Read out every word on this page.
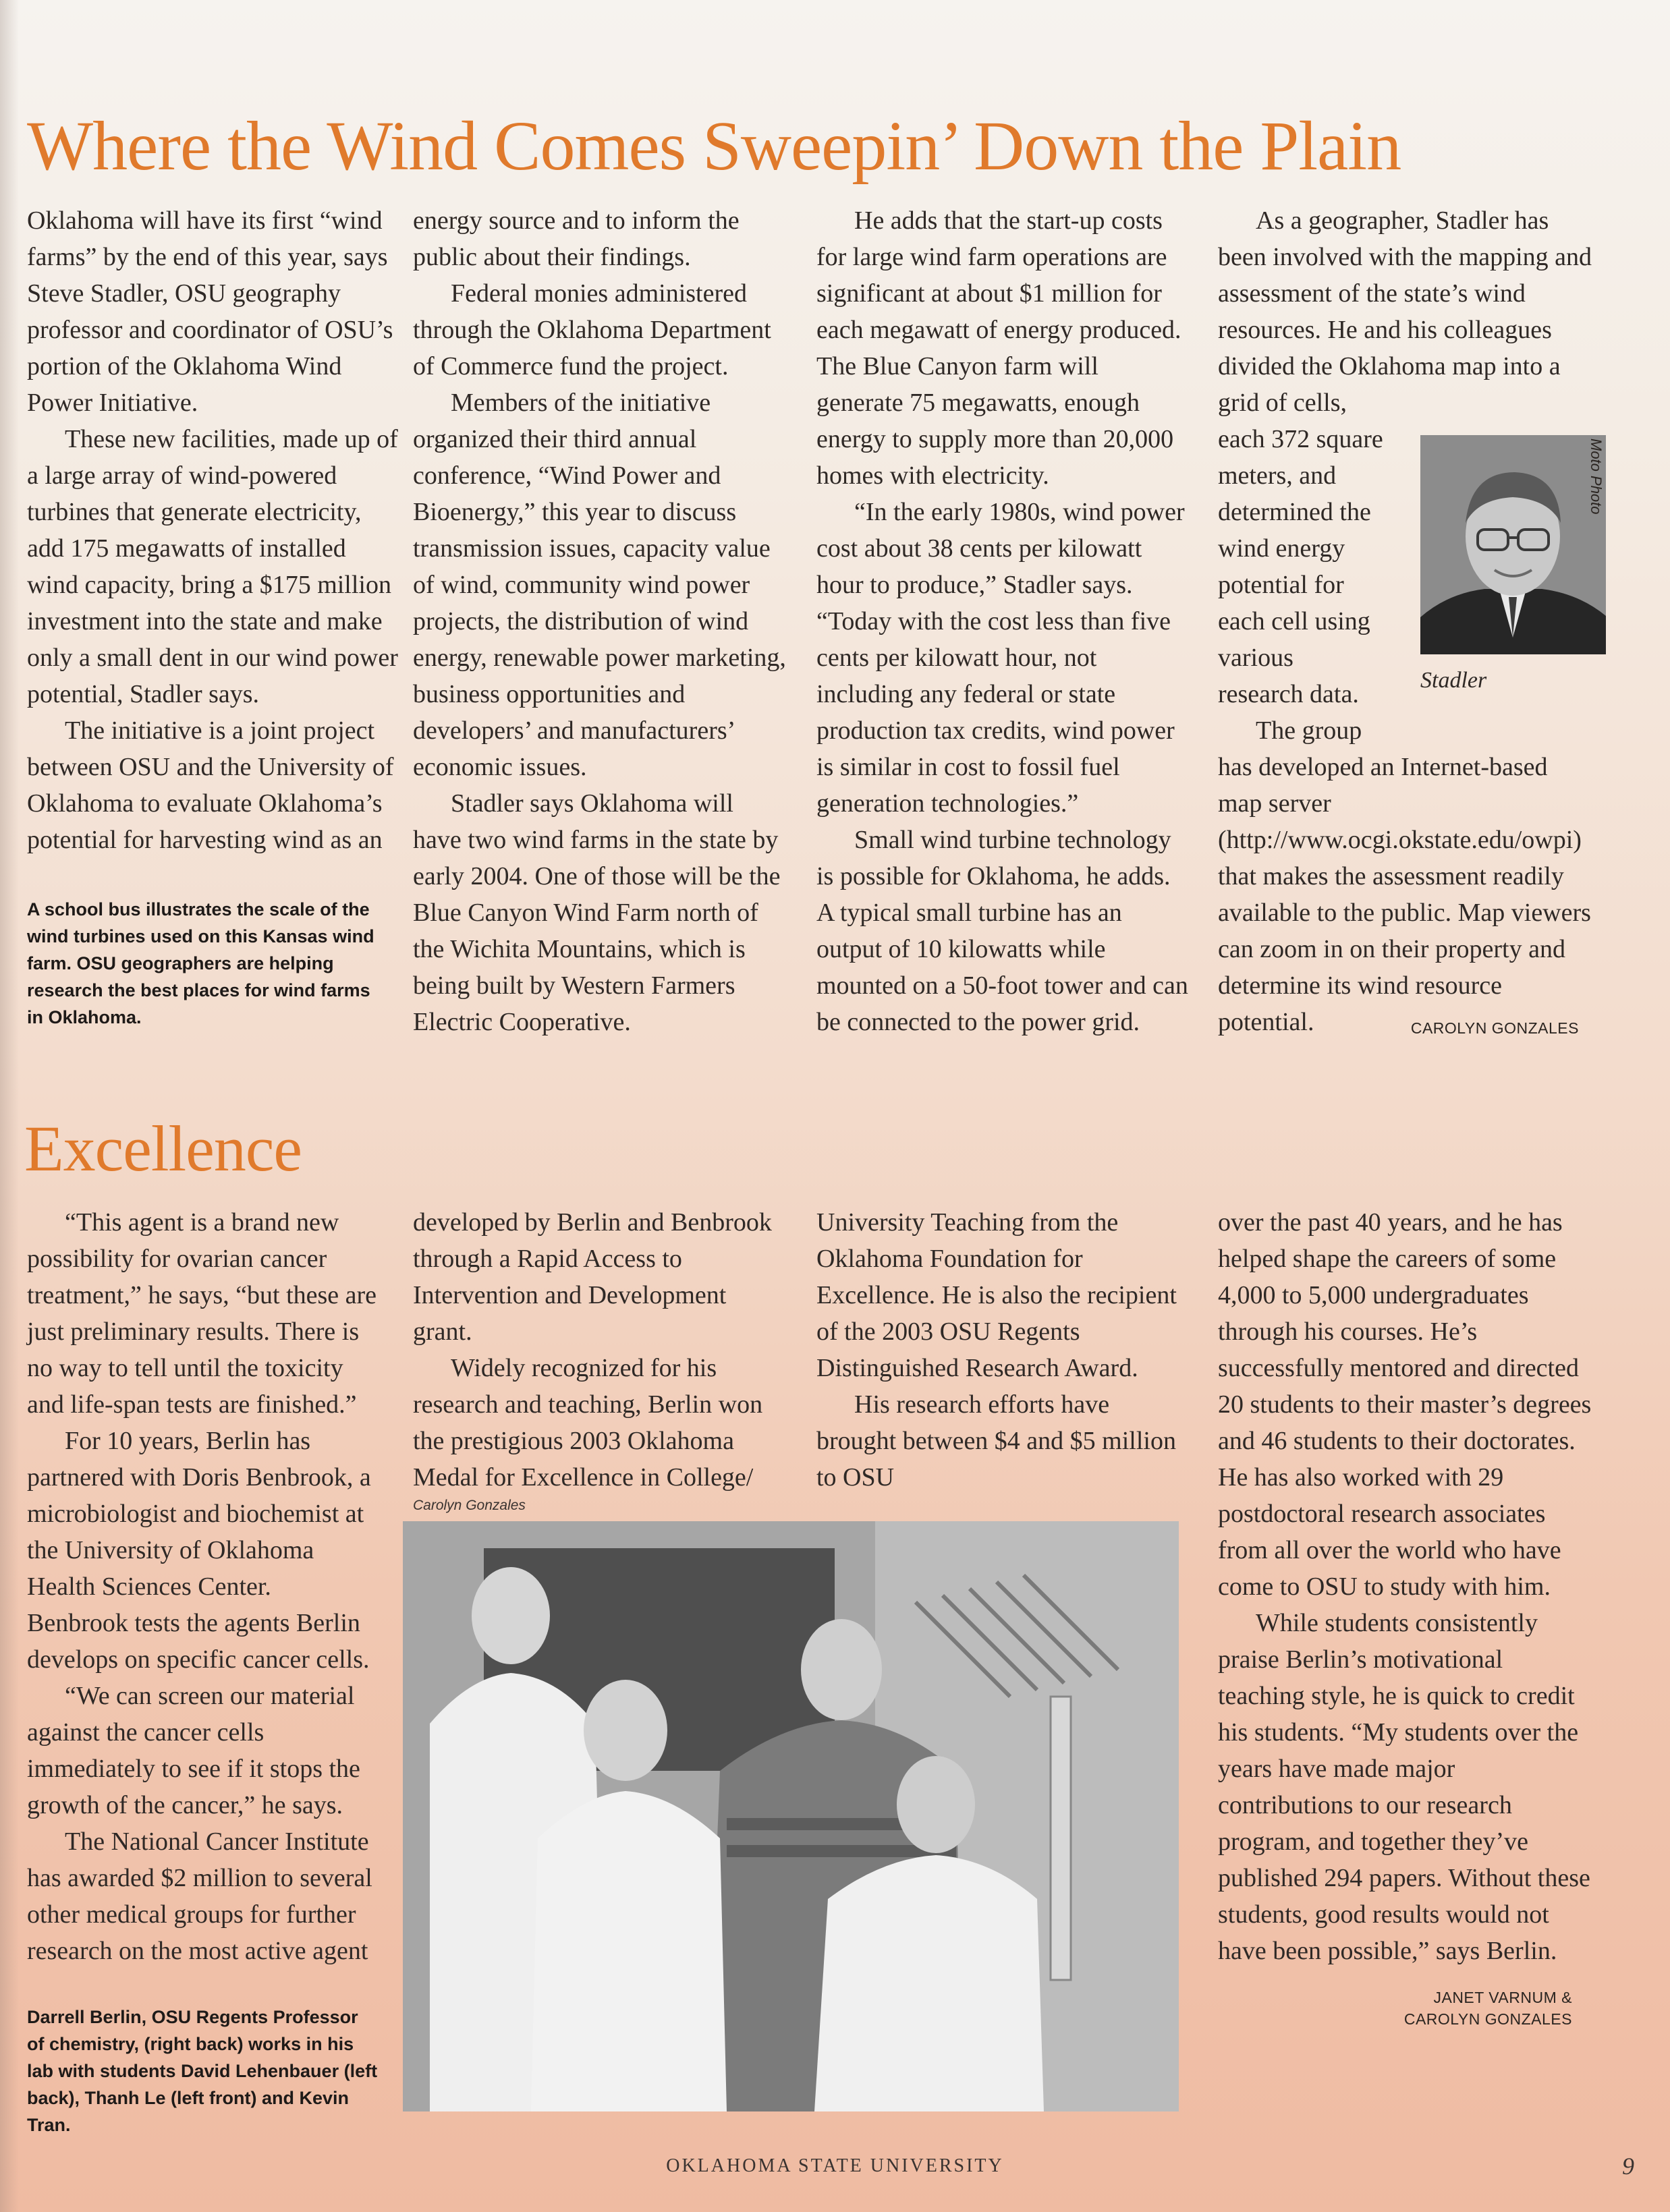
Where the Wind Comes Sweepin’ Down the Plain

Oklahoma will have its first “wind farms” by the end of this year, says Steve Stadler, OSU geography professor and coordinator of OSU’s portion of the Oklahoma Wind Power Initiative.

These new facilities, made up of a large array of wind-powered turbines that generate electricity, add 175 megawatts of installed wind capacity, bring a $175 million investment into the state and make only a small dent in our wind power potential, Stadler says.

The initiative is a joint project between OSU and the University of Oklahoma to evaluate Oklahoma’s potential for harvesting wind as an

A school bus illustrates the scale of the wind turbines used on this Kansas wind farm. OSU geographers are helping research the best places for wind farms in Oklahoma.

energy source and to inform the public about their findings.

Federal monies administered through the Oklahoma Department of Commerce fund the project.

Members of the initiative organized their third annual conference, “Wind Power and Bioenergy,” this year to discuss transmission issues, capacity value of wind, community wind power projects, the distribution of wind energy, renewable power marketing, business opportunities and developers’ and manufacturers’ economic issues.

Stadler says Oklahoma will have two wind farms in the state by early 2004. One of those will be the Blue Canyon Wind Farm north of the Wichita Mountains, which is being built by Western Farmers Electric Cooperative.

He adds that the start-up costs for large wind farm operations are significant at about $1 million for each megawatt of energy produced. The Blue Canyon farm will generate 75 megawatts, enough energy to supply more than 20,000 homes with electricity.

“In the early 1980s, wind power cost about 38 cents per kilowatt hour to produce,” Stadler says. “Today with the cost less than five cents per kilowatt hour, not including any federal or state production tax credits, wind power is similar in cost to fossil fuel generation technologies.”

Small wind turbine technology is possible for Oklahoma, he adds. A typical small turbine has an output of 10 kilowatts while mounted on a 50-foot tower and can be connected to the power grid.

As a geographer, Stadler has been involved with the mapping and assessment of the state’s wind resources. He and his colleagues divided the Oklahoma map into a grid of cells,

each 372 square
meters, and
determined the
wind energy
potential for
each cell using
various
research data.

The group
has developed an Internet-based map server (http://www.ocgi.okstate.edu/owpi) that makes the assessment readily available to the public. Map viewers can zoom in on their property and determine its wind resource potential.

Moto Photo

Stadler

CAROLYN GONZALES

Excellence

“This agent is a brand new possibility for ovarian cancer treatment,” he says, “but these are just preliminary results. There is no way to tell until the toxicity and life-span tests are finished.”

For 10 years, Berlin has partnered with Doris Benbrook, a microbiologist and biochemist at the University of Oklahoma Health Sciences Center. Benbrook tests the agents Berlin develops on specific cancer cells.

“We can screen our material against the cancer cells immediately to see if it stops the growth of the cancer,” he says.

The National Cancer Institute has awarded $2 million to several other medical groups for further research on the most active agent

Darrell Berlin, OSU Regents Professor of chemistry, (right back) works in his lab with students David Lehenbauer (left back), Thanh Le (left front) and Kevin Tran.

developed by Berlin and Benbrook through a Rapid Access to Intervention and Development grant.

Widely recognized for his research and teaching, Berlin won the prestigious 2003 Oklahoma Medal for Excellence in College/

University Teaching from the Oklahoma Foundation for Excellence. He is also the recipient of the 2003 OSU Regents Distinguished Research Award.

His research efforts have brought between $4 and $5 million to OSU

Carolyn Gonzales

over the past 40 years, and he has helped shape the careers of some 4,000 to 5,000 undergraduates through his courses. He’s successfully mentored and directed 20 students to their master’s degrees and 46 students to their doctorates. He has also worked with 29 postdoctoral research associates from all over the world who have come to OSU to study with him.

While students consistently praise Berlin’s motivational teaching style, he is quick to credit his students. “My students over the years have made major contributions to our research program, and together they’ve published 294 papers. Without these students, good results would not have been possible,” says Berlin.

JANET VARNUM &
CAROLYN GONZALES

OKLAHOMA STATE UNIVERSITY	9
